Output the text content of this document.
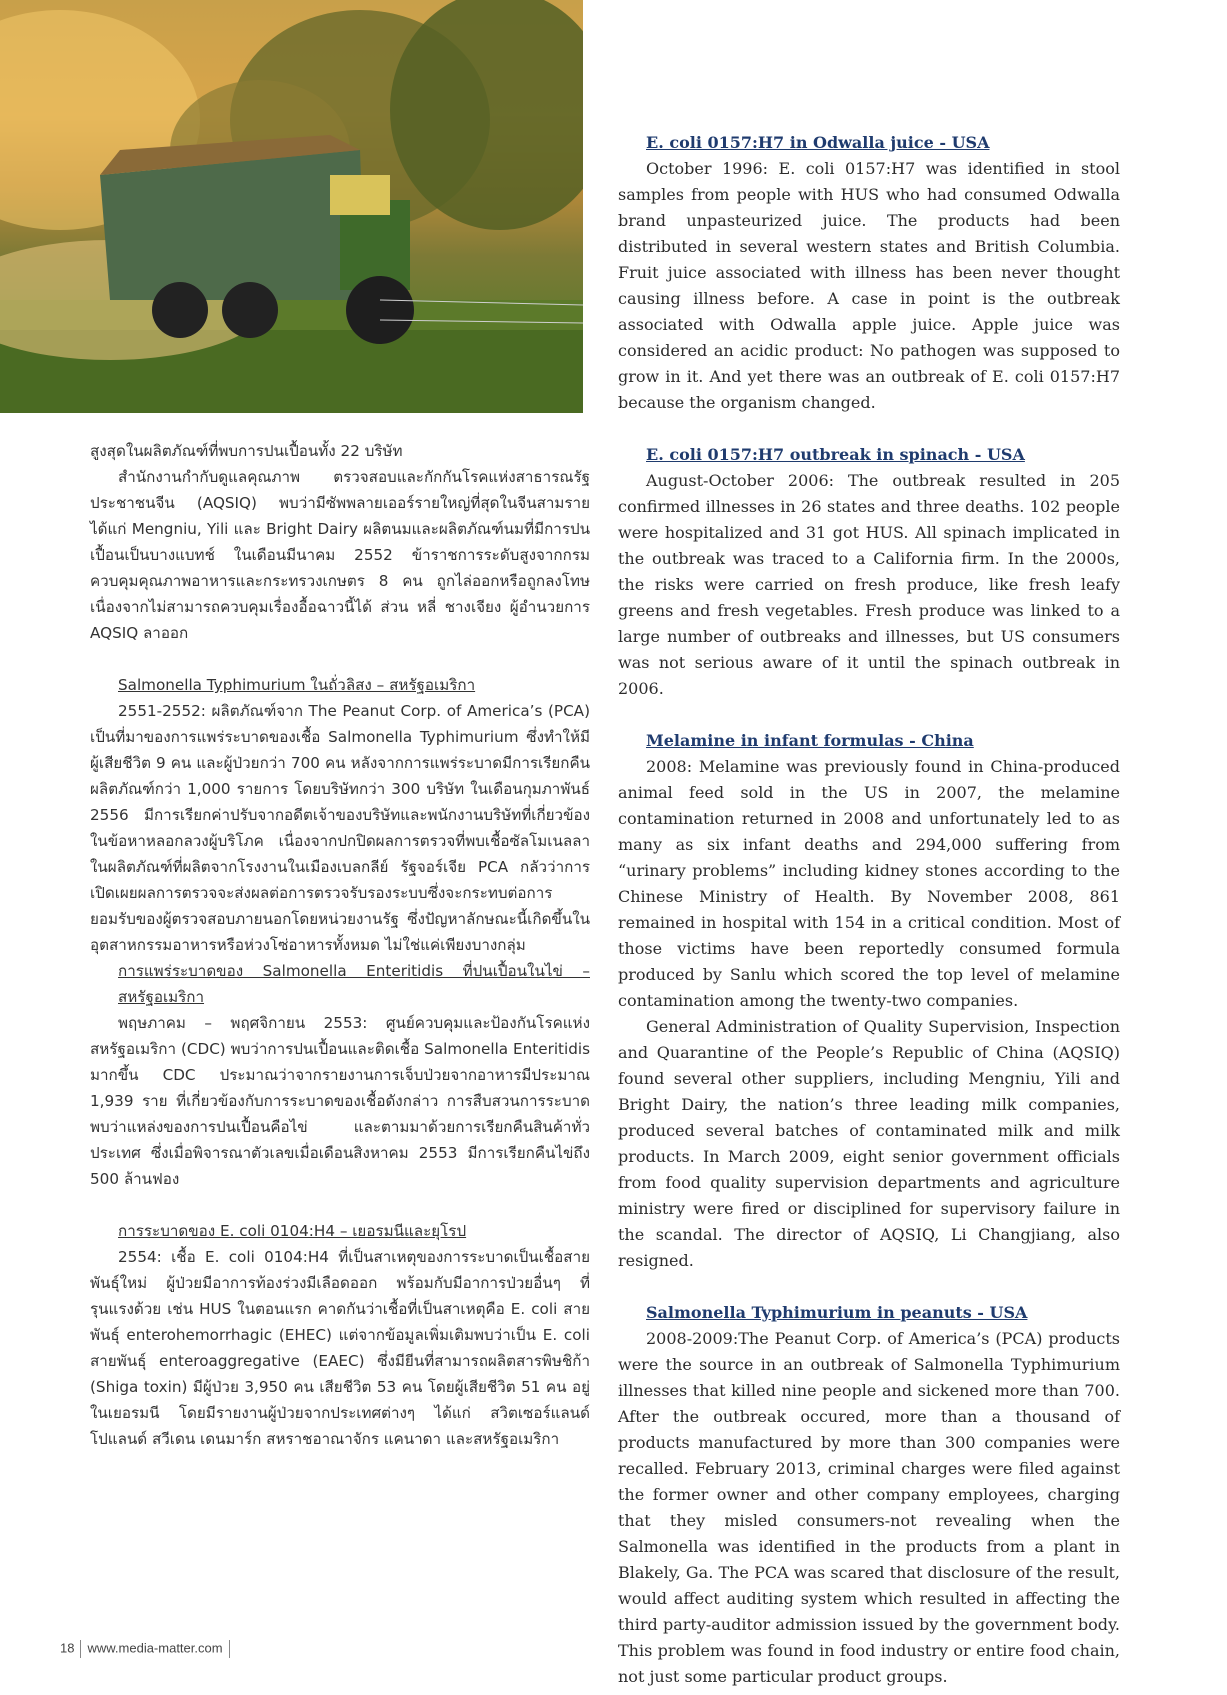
E. coli 0157:H7 in Odwalla juice - USA

October 1996: E. coli 0157:H7 was identified in stool samples from people with HUS who had consumed Odwalla brand unpasteurized juice. The products had been distributed in several western states and British Columbia. Fruit juice associated with illness has been never thought causing illness before. A case in point is the outbreak associated with Odwalla apple juice. Apple juice was considered an acidic product: No pathogen was supposed to grow in it. And yet there was an outbreak of E. coli 0157:H7 because the organism changed.

E. coli 0157:H7 outbreak in spinach - USA

August-October 2006: The outbreak resulted in 205 confirmed illnesses in 26 states and three deaths. 102 people were hospitalized and 31 got HUS. All spinach implicated in the outbreak was traced to a California firm. In the 2000s, the risks were carried on fresh produce, like fresh leafy greens and fresh vegetables. Fresh produce was linked to a large number of outbreaks and illnesses, but US consumers was not serious aware of it until the spinach outbreak in 2006.

Melamine in infant formulas - China

2008: Melamine was previously found in China-produced animal feed sold in the US in 2007, the melamine contamination returned in 2008 and unfortunately led to as many as six infant deaths and 294,000 suffering from “urinary problems” including kidney stones according to the Chinese Ministry of Health. By November 2008, 861 remained in hospital with 154 in a critical condition. Most of those victims have been reportedly consumed formula produced by Sanlu which scored the top level of melamine contamination among the twenty-two companies.

General Administration of Quality Supervision, Inspection and Quarantine of the People’s Republic of China (AQSIQ) found several other suppliers, including Mengniu, Yili and Bright Dairy, the nation’s three leading milk companies, produced several batches of contaminated milk and milk products. In March 2009, eight senior government officials from food quality supervision departments and agriculture ministry were fired or disciplined for supervisory failure in the scandal. The director of AQSIQ, Li Changjiang, also resigned.

Salmonella Typhimurium in peanuts - USA

2008-2009:The Peanut Corp. of America’s (PCA) products were the source in an outbreak of Salmonella Typhimurium illnesses that killed nine people and sickened more than 700. After the outbreak occured, more than a thousand of products manufactured by more than 300 companies were recalled. February 2013, criminal charges were filed against the former owner and other company employees, charging that they misled consumers-not revealing when the Salmonella was identified in the products from a plant in Blakely, Ga. The PCA was scared that disclosure of the result, would affect auditing system which resulted in affecting the third party-auditor admission issued by the government body. This problem was found in food industry or entire food chain, not just some particular product groups.

สูงสุดในผลิตภัณฑ์ที่พบการปนเปื้อนทั้ง 22 บริษัท

สำนักงานกำกับดูแลคุณภาพ ตรวจสอบและกักกันโรคแห่งสาธารณรัฐประชาชนจีน (AQSIQ) พบว่ามีซัพพลายเออร์รายใหญ่ที่สุดในจีนสามราย ได้แก่ Mengniu, Yili และ Bright Dairy ผลิตนมและผลิตภัณฑ์นมที่มีการปนเปื้อนเป็นบางแบทช์ ในเดือนมีนาคม 2552 ข้าราชการระดับสูงจากกรมควบคุมคุณภาพอาหารและกระทรวงเกษตร 8 คน ถูกไล่ออกหรือถูกลงโทษเนื่องจากไม่สามารถควบคุมเรื่องอื้อฉาวนี้ได้ ส่วน หลี่ ชางเจียง ผู้อำนวยการ AQSIQ ลาออก

Salmonella Typhimurium ในถั่วลิสง – สหรัฐอเมริกา

2551-2552: ผลิตภัณฑ์จาก The Peanut Corp. of America’s (PCA) เป็นที่มาของการแพร่ระบาดของเชื้อ Salmonella Typhimurium ซึ่งทำให้มีผู้เสียชีวิต 9 คน และผู้ป่วยกว่า 700 คน หลังจากการแพร่ระบาดมีการเรียกคืนผลิตภัณฑ์กว่า 1,000 รายการ โดยบริษัทกว่า 300 บริษัท ในเดือนกุมภาพันธ์ 2556 มีการเรียกค่าปรับจากอดีตเจ้าของบริษัทและพนักงานบริษัทที่เกี่ยวข้องในข้อหาหลอกลวงผู้บริโภค เนื่องจากปกปิดผลการตรวจที่พบเชื้อซัลโมเนลลาในผลิตภัณฑ์ที่ผลิตจากโรงงานในเมืองเบลกลีย์ รัฐจอร์เจีย PCA กลัวว่าการเปิดเผยผลการตรวจจะส่งผลต่อการตรวจรับรองระบบซึ่งจะกระทบต่อการยอมรับของผู้ตรวจสอบภายนอกโดยหน่วยงานรัฐ ซึ่งปัญหาลักษณะนี้เกิดขึ้นในอุตสาหกรรมอาหารหรือห่วงโซ่อาหารทั้งหมด ไม่ใช่แค่เพียงบางกลุ่ม

การแพร่ระบาดของ Salmonella Enteritidis ที่ปนเปื้อนในไข่ – สหรัฐอเมริกา

พฤษภาคม – พฤศจิกายน 2553: ศูนย์ควบคุมและป้องกันโรคแห่งสหรัฐอเมริกา (CDC) พบว่าการปนเปื้อนและติดเชื้อ Salmonella Enteritidis มากขึ้น CDC ประมาณว่าจากรายงานการเจ็บป่วยจากอาหารมีประมาณ 1,939 ราย ที่เกี่ยวข้องกับการระบาดของเชื้อดังกล่าว การสืบสวนการระบาดพบว่าแหล่งของการปนเปื้อนคือไข่ และตามมาด้วยการเรียกคืนสินค้าทั่วประเทศ ซึ่งเมื่อพิจารณาตัวเลขเมื่อเดือนสิงหาคม 2553 มีการเรียกคืนไข่ถึง 500 ล้านฟอง

การระบาดของ E. coli 0104:H4 – เยอรมนีและยุโรป

2554: เชื้อ E. coli 0104:H4 ที่เป็นสาเหตุของการระบาดเป็นเชื้อสายพันธุ์ใหม่ ผู้ป่วยมีอาการท้องร่วงมีเลือดออก พร้อมกับมีอาการป่วยอื่นๆ ที่รุนแรงด้วย เช่น HUS ในตอนแรก คาดกันว่าเชื้อที่เป็นสาเหตุคือ E. coli สายพันธุ์ enterohemorrhagic (EHEC) แต่จากข้อมูลเพิ่มเติมพบว่าเป็น E. coli สายพันธุ์ enteroaggregative (EAEC) ซึ่งมียีนที่สามารถผลิตสารพิษชิก้า (Shiga toxin) มีผู้ป่วย 3,950 คน เสียชีวิต 53 คน โดยผู้เสียชีวิต 51 คน อยู่ในเยอรมนี โดยมีรายงานผู้ป่วยจากประเทศต่างๆ ได้แก่ สวิตเซอร์แลนด์ โปแลนด์ สวีเดน เดนมาร์ก สหราชอาณาจักร แคนาดา และสหรัฐอเมริกา

18 www.media-matter.com
